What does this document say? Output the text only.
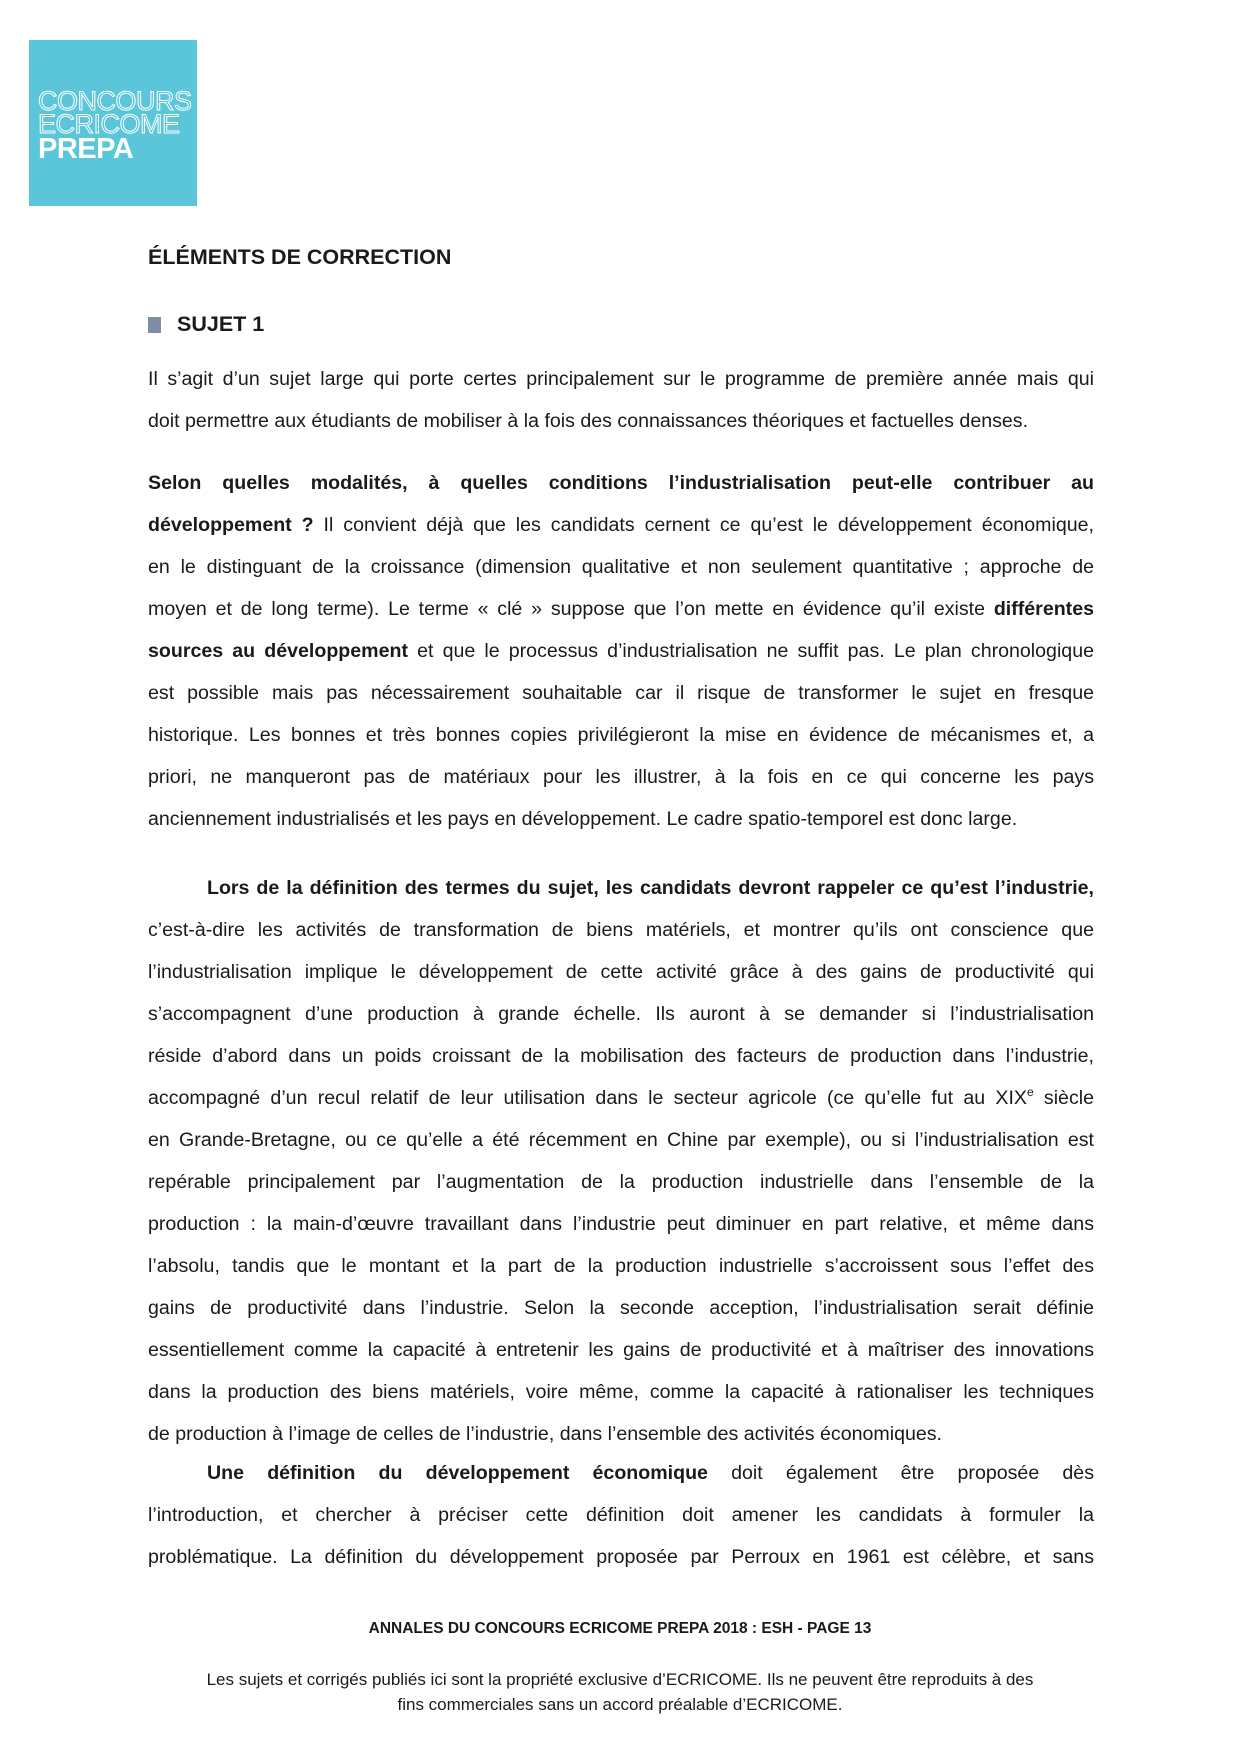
CONCOURS
ECRICOME
PREPA
ÉLÉMENTS DE CORRECTION
SUJET 1
Il s’agit d’un sujet large qui porte certes principalement sur le programme de première année mais qui
doit permettre aux étudiants de mobiliser à la fois des connaissances théoriques et factuelles denses.
Selon quelles modalités, à quelles conditions l’industrialisation peut-elle contribuer au
développement ? Il convient déjà que les candidats cernent ce qu’est le développement économique,
en le distinguant de la croissance (dimension qualitative et non seulement quantitative ; approche de
moyen et de long terme). Le terme « clé » suppose que l’on mette en évidence qu’il existe différentes
sources au développement et que le processus d’industrialisation ne suffit pas. Le plan chronologique
est possible mais pas nécessairement souhaitable car il risque de transformer le sujet en fresque
historique. Les bonnes et très bonnes copies privilégieront la mise en évidence de mécanismes et, a
priori, ne manqueront pas de matériaux pour les illustrer, à la fois en ce qui concerne les pays
anciennement industrialisés et les pays en développement. Le cadre spatio-temporel est donc large.
Lors de la définition des termes du sujet, les candidats devront rappeler ce qu’est l’industrie,
c’est-à-dire les activités de transformation de biens matériels, et montrer qu’ils ont conscience que
l’industrialisation implique le développement de cette activité grâce à des gains de productivité qui
s’accompagnent d’une production à grande échelle. Ils auront à se demander si l’industrialisation
réside d’abord dans un poids croissant de la mobilisation des facteurs de production dans l’industrie,
accompagné d’un recul relatif de leur utilisation dans le secteur agricole (ce qu’elle fut au XIXe siècle
en Grande-Bretagne, ou ce qu’elle a été récemment en Chine par exemple), ou si l’industrialisation est
repérable principalement par l’augmentation de la production industrielle dans l’ensemble de la
production : la main-d’œuvre travaillant dans l’industrie peut diminuer en part relative, et même dans
l’absolu, tandis que le montant et la part de la production industrielle s’accroissent sous l’effet des
gains de productivité dans l’industrie. Selon la seconde acception, l’industrialisation serait définie
essentiellement comme la capacité à entretenir les gains de productivité et à maîtriser des innovations
dans la production des biens matériels, voire même, comme la capacité à rationaliser les techniques
de production à l’image de celles de l’industrie, dans l’ensemble des activités économiques.
Une définition du développement économique doit également être proposée dès
l’introduction, et chercher à préciser cette définition doit amener les candidats à formuler la
problématique. La définition du développement proposée par Perroux en 1961 est célèbre, et sans
ANNALES DU CONCOURS ECRICOME PREPA 2018 : ESH - PAGE 13
Les sujets et corrigés publiés ici sont la propriété exclusive d’ECRICOME. Ils ne peuvent être reproduits à des
fins commerciales sans un accord préalable d’ECRICOME.
